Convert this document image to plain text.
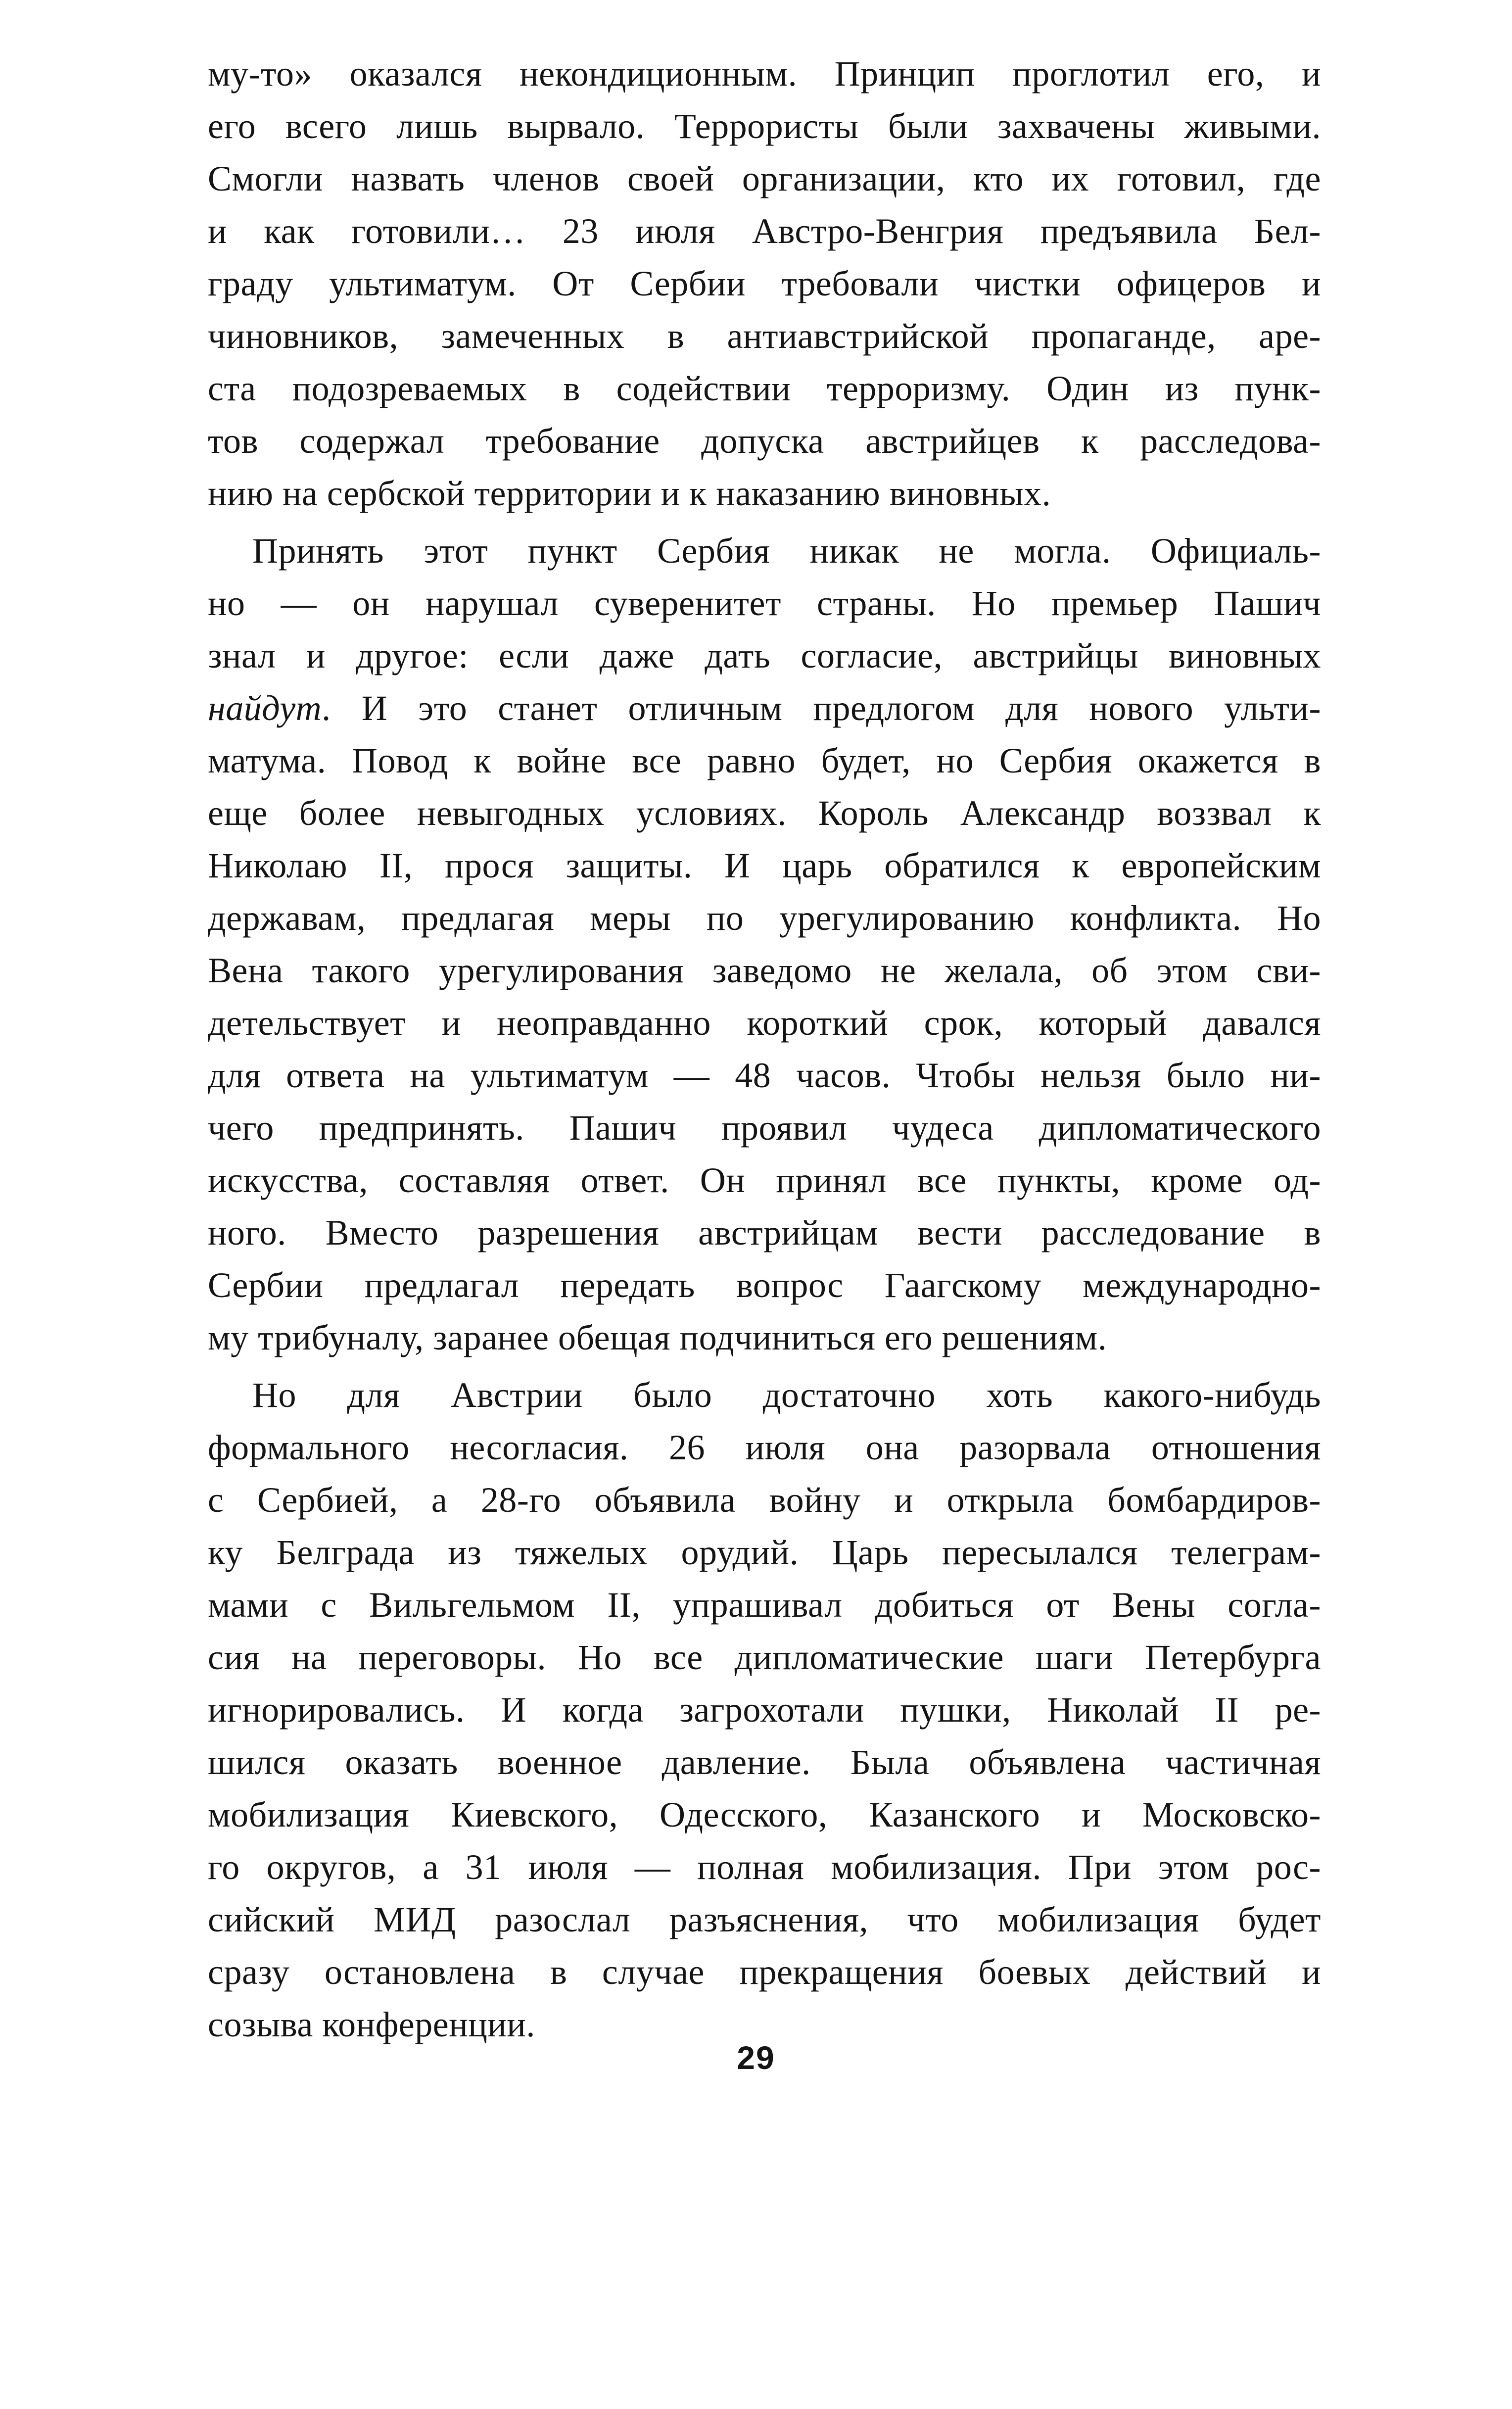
му-то» оказался некондиционным. Принцип проглотил его, и
его всего лишь вырвало. Террористы были захвачены живыми.
Смогли назвать членов своей организации, кто их готовил, где
и как готовили… 23 июля Австро-Венгрия предъявила Бел-
граду ультиматум. От Сербии требовали чистки офицеров и
чиновников, замеченных в антиавстрийской пропаганде, аре-
ста подозреваемых в содействии терроризму. Один из пунк-
тов содержал требование допуска австрийцев к расследова-
нию на сербской территории и к наказанию виновных.

Принять этот пункт Сербия никак не могла. Официаль-
но — он нарушал суверенитет страны. Но премьер Пашич
знал и другое: если даже дать согласие, австрийцы виновных
найдут. И это станет отличным предлогом для нового ульти-
матума. Повод к войне все равно будет, но Сербия окажется в
еще более невыгодных условиях. Король Александр воззвал к
Николаю II, прося защиты. И царь обратился к европейским
державам, предлагая меры по урегулированию конфликта. Но
Вена такого урегулирования заведомо не желала, об этом сви-
детельствует и неоправданно короткий срок, который давался
для ответа на ультиматум — 48 часов. Чтобы нельзя было ни-
чего предпринять. Пашич проявил чудеса дипломатического
искусства, составляя ответ. Он принял все пункты, кроме од-
ного. Вместо разрешения австрийцам вести расследование в
Сербии предлагал передать вопрос Гаагскому международно-
му трибуналу, заранее обещая подчиниться его решениям.

Но для Австрии было достаточно хоть какого-нибудь
формального несогласия. 26 июля она разорвала отношения
с Сербией, а 28-го объявила войну и открыла бомбардиров-
ку Белграда из тяжелых орудий. Царь пересылался телеграм-
мами с Вильгельмом II, упрашивал добиться от Вены согла-
сия на переговоры. Но все дипломатические шаги Петербурга
игнорировались. И когда загрохотали пушки, Николай II ре-
шился оказать военное давление. Была объявлена частичная
мобилизация Киевского, Одесского, Казанского и Московско-
го округов, а 31 июля — полная мобилизация. При этом рос-
сийский МИД разослал разъяснения, что мобилизация будет
сразу остановлена в случае прекращения боевых действий и
созыва конференции.

29
